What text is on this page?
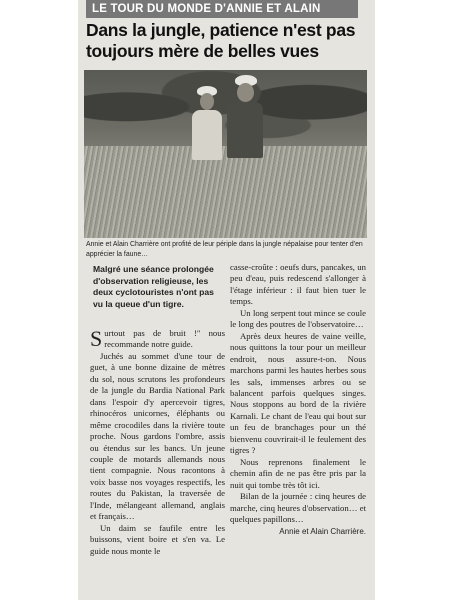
LE TOUR DU MONDE D'ANNIE ET ALAIN
Dans la jungle, patience n'est pas toujours mère de belles vues
Annie et Alain Charrière ont profité de leur périple dans la jungle népalaise pour tenter d'en apprécier la faune…
Malgré une séance prolongée d'observation religieuse, les deux cyclotouristes n'ont pas vu la queue d'un tigre.

Surtout pas de bruit !" nous recommande notre guide.

Juchés au sommet d'une tour de guet, à une bonne dizaine de mètres du sol, nous scrutons les profondeurs de la jungle du Bardia National Park dans l'espoir d'y apercevoir tigres, rhinocéros unicornes, éléphants ou même crocodiles dans la rivière toute proche. Nous gardons l'ombre, assis ou étendus sur les bancs. Un jeune couple de motards allemands nous tient compagnie. Nous racontons à voix basse nos voyages respectifs, les routes du Pakistan, la traversée de l'Inde, mélangeant allemand, anglais et français…

Un daim se faufile entre les buissons, vient boire et s'en va. Le guide nous monte le

casse-croûte : oeufs durs, pancakes, un peu d'eau, puis redescend s'allonger à l'étage inférieur : il faut bien tuer le temps.

Un long serpent tout mince se coule le long des poutres de l'observatoire…

Après deux heures de vaine veille, nous quittons la tour pour un meilleur endroit, nous assure-t-on. Nous marchons parmi les hautes herbes sous les sals, immenses arbres ou se balancent parfois quelques singes. Nous stoppons au bord de la rivière Karnali. Le chant de l'eau qui bout sur un feu de branchages pour un thé bienvenu couvrirait-il le feulement des tigres ?

Nous reprenons finalement le chemin afin de ne pas être pris par la nuit qui tombe très tôt ici.

Bilan de la journée : cinq heures de marche, cinq heures d'observation… et quelques papillons…

Annie et Alain Charrière.
